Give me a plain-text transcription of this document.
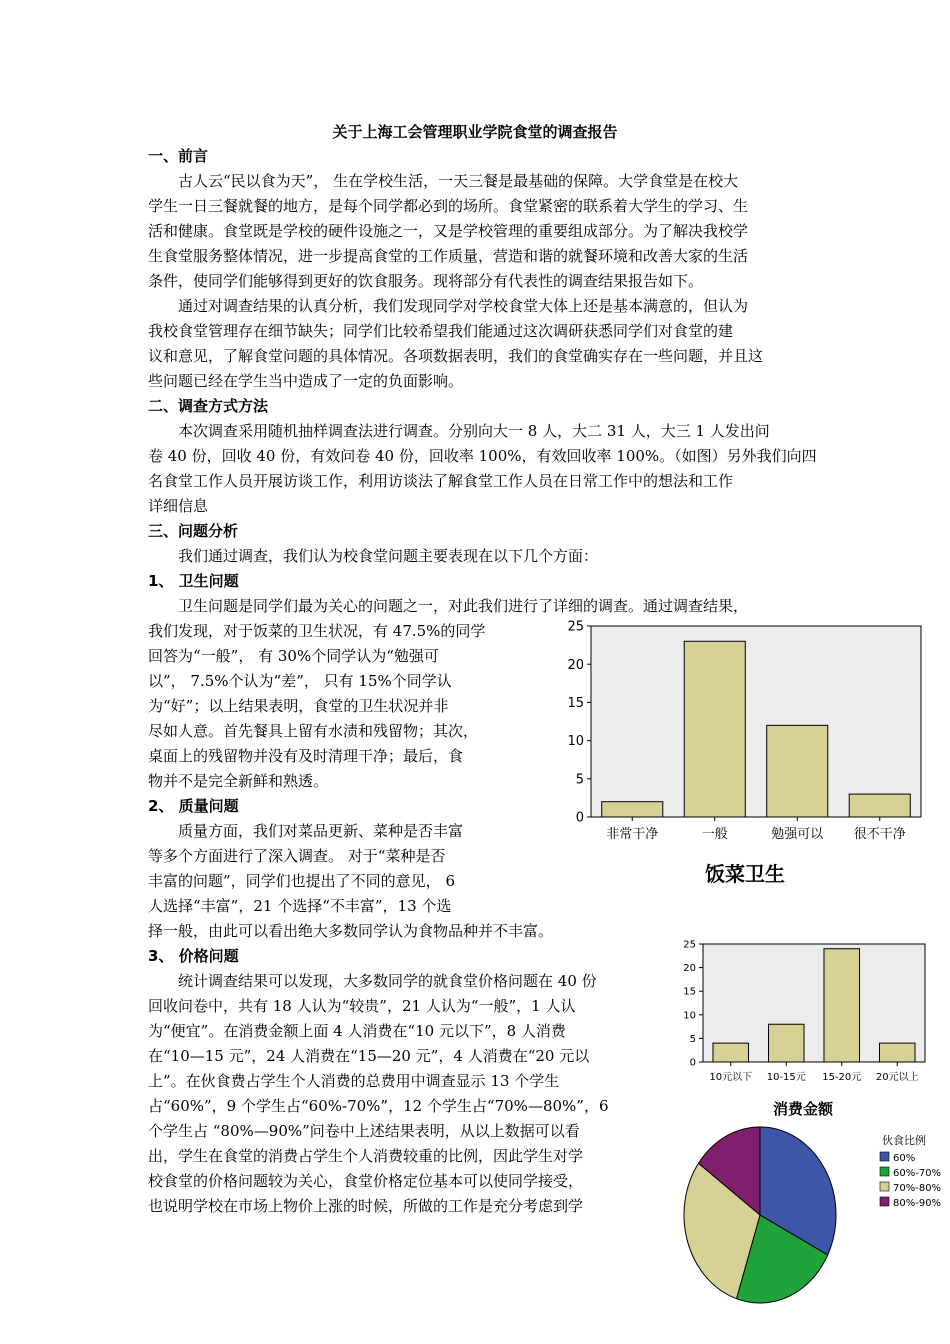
关于上海工会管理职业学院食堂的调查报告
一、前言
古人云“民以食为天”， 生在学校生活，一天三餐是最基础的保障。大学食堂是在校大
学生一日三餐就餐的地方，是每个同学都必到的场所。食堂紧密的联系着大学生的学习、生
活和健康。食堂既是学校的硬件设施之一，又是学校管理的重要组成部分。为了解决我校学
生食堂服务整体情况，进一步提高食堂的工作质量，营造和谐的就餐环境和改善大家的生活
条件，使同学们能够得到更好的饮食服务。现将部分有代表性的调查结果报告如下。
通过对调查结果的认真分析，我们发现同学对学校食堂大体上还是基本满意的，但认为
我校食堂管理存在细节缺失；同学们比较希望我们能通过这次调研获悉同学们对食堂的建
议和意见，了解食堂问题的具体情况。各项数据表明，我们的食堂确实存在一些问题，并且这
些问题已经在学生当中造成了一定的负面影响。
二、调查方式方法
本次调查采用随机抽样调查法进行调查。分别向大一 8 人，大二 31 人，大三 1 人发出问
卷 40 份，回收 40 份，有效问卷 40 份，回收率 100%，有效回收率 100%。（如图）另外我们向四
名食堂工作人员开展访谈工作，利用访谈法了解食堂工作人员在日常工作中的想法和工作
详细信息
三、问题分析
我们通过调查，我们认为校食堂问题主要表现在以下几个方面：
1、 卫生问题
卫生问题是同学们最为关心的问题之一，对此我们进行了详细的调查。通过调查结果，
我们发现，对于饭菜的卫生状况，有 47.5%的同学
回答为“一般”， 有 30%个同学认为“勉强可
以”， 7.5%个认为“差”， 只有 15%个同学认
为“好”；以上结果表明，食堂的卫生状况并非
尽如人意。首先餐具上留有水渍和残留物；其次，
桌面上的残留物并没有及时清理干净；最后，食
物并不是完全新鲜和熟透。
2、 质量问题
质量方面，我们对菜品更新、菜种是否丰富
等多个方面进行了深入调查。 对于“菜种是否
丰富的问题”，同学们也提出了不同的意见， 6
人选择“丰富”，21 个选择“不丰富”，13 个选
择一般，由此可以看出绝大多数同学认为食物品种并不丰富。
3、 价格问题
统计调查结果可以发现，大多数同学的就食堂价格问题在 40 份
回收问卷中，共有 18 人认为“较贵”，21 人认为“一般”，1 人认
为“便宜”。在消费金额上面 4 人消费在“10 元以下”，8 人消费
在“10—15 元”，24 人消费在“15—20 元”，4 人消费在“20 元以
上”。在伙食费占学生个人消费的总费用中调查显示 13 个学生
占“60%”，9 个学生占“60%-70%”，12 个学生占“70%—80%”，6
个学生占 “80%—90%”问卷中上述结果表明，从以上数据可以看
出，学生在食堂的消费占学生个人消费较重的比例，因此学生对学
校食堂的价格问题较为关心，食堂价格定位基本可以使同学接受，
也说明学校在市场上物价上涨的时候，所做的工作是充分考虑到学
0
5
10
15
20
25
非常干净	一般	勉强可以 很不干净
饭菜卫生
0
5
10
15
20
25
10元以下 10-15元 15-20元 20元以上
消费金额
伙食比例
60%
60%-70%
70%-80%
80%-90%
